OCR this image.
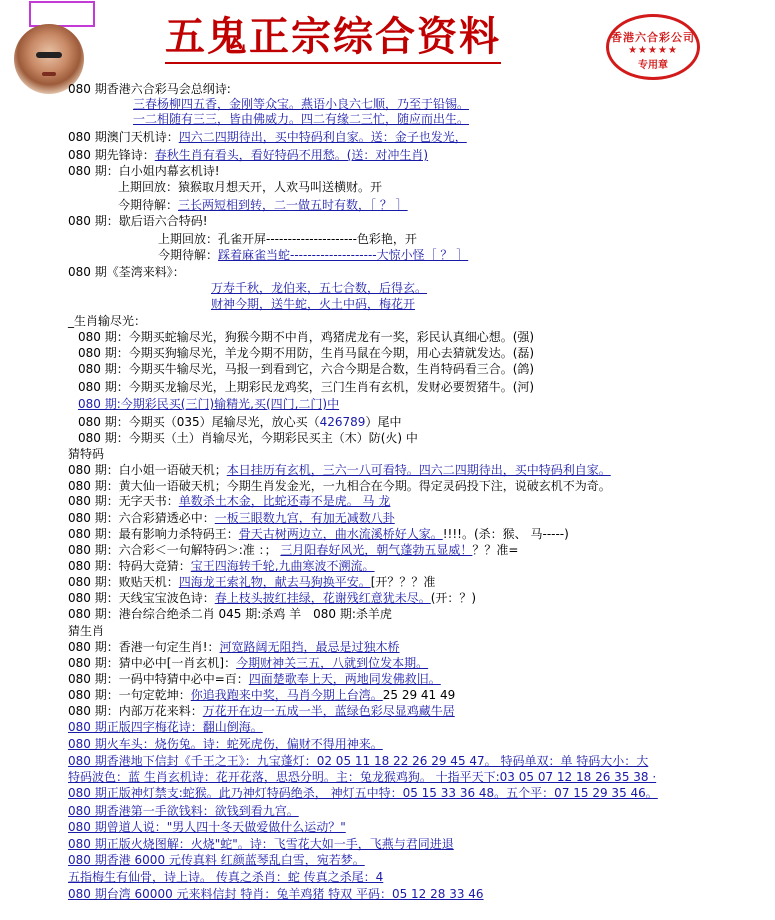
五鬼正宗综合资料	香港六合彩公司
★★★★★
专用章
080 期香港六合彩马会总纲诗:
三春杨柳四五香，金刚等众宝。燕语小良六七顺，乃至于铅锡。
一二相随有三三，皆由佛威力。四二有缘二三忙，随应而出生。
080 期澳门天机诗：四六二四期待出，买中特码利自家。送：金子也发光，
080 期先锋诗：春秋生肖有看头，看好特码不用愁。(送：对冲生肖)
080 期：白小姐内幕玄机诗!
上期回放：猿猴取月想天开，人欢马叫送横财。开
今期待解：三长两短相到转，二一做五时有数，［ ？ ］
080 期：歇后语六合特码!
上期回放：孔雀开屏---------------------色彩艳，开
今期待解：踩着麻雀当蛇--------------------大惊小怪［ ？ ］
080 期《荃湾来料》：
万寿千秋，龙伯来，五七合数，后得玄。
财神今期，送牛蛇，火土中码，梅花开
_生肖输尽光：
080 期：今期买蛇输尽光，狗猴今期不中肖，鸡猪虎龙有一奖，彩民认真细心想。(强)
080 期：今期买狗输尽光，羊龙今期不用防，生肖马鼠在今期，用心去猜就发达。(磊)
080 期：今期买牛输尽光，马报一到看到它，六合今期是合数，生肖特码看三合。(鸽)
080 期：今期买龙输尽光，上期彩民龙鸡奖，三门生肖有玄机，发财必要贺猪牛。(河)
080 期:今期彩民买(三门)输精光,买(四门,二门)中
080 期：今期买（035）尾输尽光，放心买（426789）尾中
080 期：今期买（土）肖输尽光，今期彩民买主（木）防(火) 中
猜特码
080 期：白小姐一语破天机；本日挂历有玄机，三六一八可看特。四六二四期待出，买中特码利自家。
080 期：黄大仙一语破天机；今期生肖发金光，一九相合在今期。得定灵码投下注，说破玄机不为奇。
080 期：无字天书：单数杀土木金，比蛇还毒不是虎。 马 龙
080 期：六合彩猜透必中：一板三眼数九宫，有加无减数八卦
080 期：最有影响力杀特码王：骨天古树两边立，曲水流溪桥好人家。!!!!。(杀：猴、 马-----)
080 期：六合彩＜一句解特码＞:准 ：； 三月阳春好风光，朝气蓬勃五显威！？？准=
080 期：特码大竞猜：宝王四海转千轮,九曲寒波不溯流。
080 期：败贴天机：四海龙王索礼物，献去马狗换平安。[开？？？准
080 期：天线宝宝波色诗：春上枝头披红挂绿，花谢残红意犹未尽。(开：？)
080 期：港台综合绝杀二肖 045 期:杀鸡 羊　080 期:杀羊虎
猜生肖
080 期：香港一句定生肖!：河宽路阔无阻挡，最忌是过独木桥
080 期：猜中必中[一肖玄机]：今期财神关三五，八就到位发本期。
080 期：一码中特猜中必中=百：四面楚歌奉上天，两地同发佛救旧。
080 期：一句定乾坤：你追我跑来中奖，马肖今期上台湾。25 29 41 49
080 期：内部万花来料：万花开在边一五成一半，蓝绿色彩尽显鸡藏牛居
080 期正版四字梅花诗：翻山倒海。
080 期火车头：烧伤兔。诗：蛇死虎伤，偏财不得用神来。
080 期香港地下信封《千王之王》：九宝蓬灯：02 05 11 18 22 26 29 45 47。 特码单双：单 特码大小：大
特码波色：蓝 生肖玄机诗：花开花落，思恐分明。主：兔龙猴鸡狗。 十指平天下:03 05 07 12 18 26 35 38 ·
080 期正版神灯禁支:蛇猴。此乃神灯特码绝杀， 神灯五中特：05 15 33 36 48。五个平：07 15 29 35 46。
080 期香港第一手欲钱料：欲钱到看九宫。
080 期曾道人说："男人四十冬天做爱做什么运动？"
080 期正版火烧图解：火烧"蛇"。诗：飞雪花大如一手，飞燕与君同进退
080 期香港 6000 元传真料 红颜蓝琴乱白雪，宛若梦。
五指梅生有仙骨，诗上诗。 传真之杀肖：蛇 传真之杀尾：4
080 期台湾 60000 元来料信封 特肖：兔羊鸡猪 特双 平码：05 12 28 33 46
